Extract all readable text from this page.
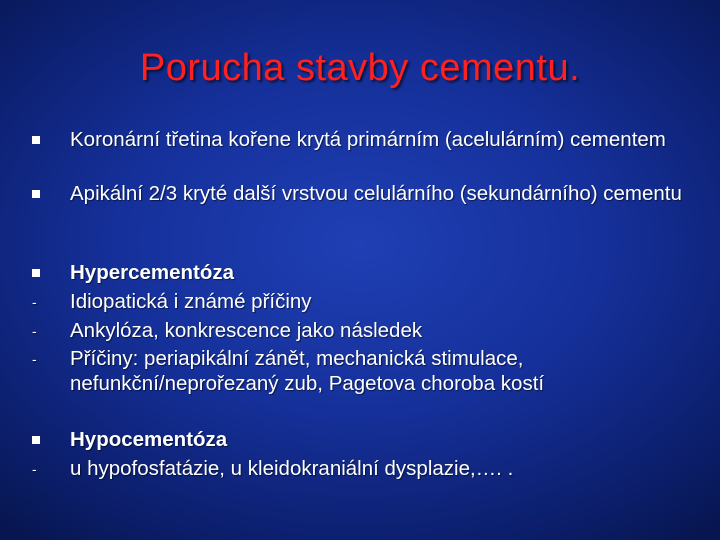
Porucha stavby cementu.
Koronární třetina kořene krytá primárním (acelulárním) cementem
Apikální 2/3 kryté další vrstvou celulárního (sekundárního) cementu
Hypercementóza
-	Idiopatická i známé příčiny
-	Ankylóza, konkrescence jako následek
-	Příčiny: periapikální zánět, mechanická stimulace, nefunkční/neprořezaný zub, Pagetova choroba kostí
Hypocementóza
-	u hypofosfatázie, u kleidokraniální dysplazie,…. .
